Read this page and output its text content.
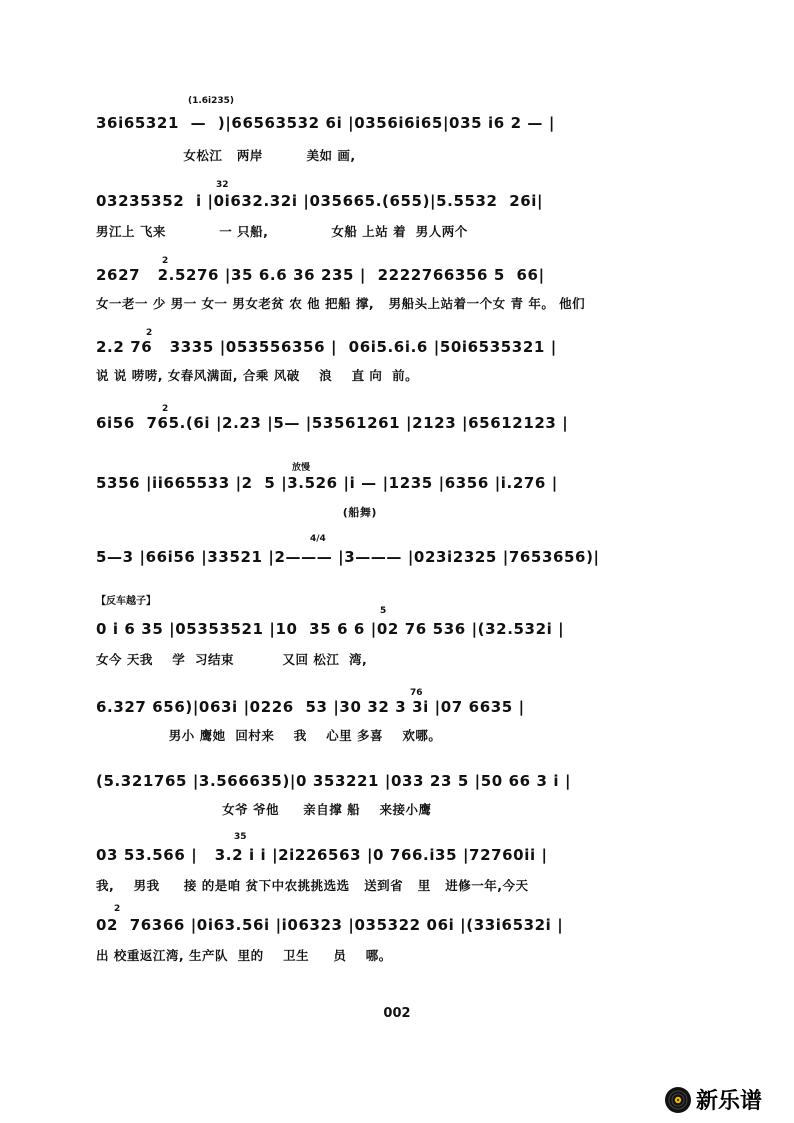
(1.6i235)
36i65321  —  )|66563532 6i |0356i6i65|035 i6 2 — |
女松江   两岸         美如 画,
32
03235352  i |0i632.32i |035665.(655)|5.5532  26i|
男江上 飞来           一 只船,             女船 上站 着  男人两个
2
2627   2.5276 |35 6.6 36 235 |  2222766356 5  66|
女一老一 少 男一 女一 男女老贫 农 他 把船 撑,   男船头上站着一个女 青 年。 他们
2
2.2 76   3335 |053556356 |  06i5.6i.6 |50i6535321 |
说 说 唠唠, 女春风满面, 合乘 风破    浪    直 向  前。
2
6i56  765.(6i |2.23 |5— |53561261 |2123 |65612123 |
放慢
5356 |ii665533 |2  5 |3.526 |i — |1235 |6356 |i.276 |
(船舞)
4/4
5—3 |66i56 |33521 |2——— |3——— |023i2325 |7653656)|
【反车越子】
5
0 i 6 35 |05353521 |10  35 6 6 |02 76 536 |(32.532i |
女今 天我    学  习结束          又回 松江  湾,
76
6.327 656)|063i |0226  53 |30 32 3 3i |07 6635 |
男小 鹰她  回村来    我    心里 多喜    欢哪。
(5.321765 |3.566635)|0 353221 |033 23 5 |50 66 3 i |
女爷 爷他     亲自撑 船    来接小鹰
35
03 53.566 |   3.2 i i |2i226563 |0 766.i35 |72760ii |
我,    男我     接 的是咱 贫下中农挑挑选选   送到省   里   进修一年,今天
2
02  76366 |0i63.56i |i06323 |035322 06i |(33i6532i |
出 校重返江湾, 生产队  里的    卫生     员    哪。
002
新乐谱
